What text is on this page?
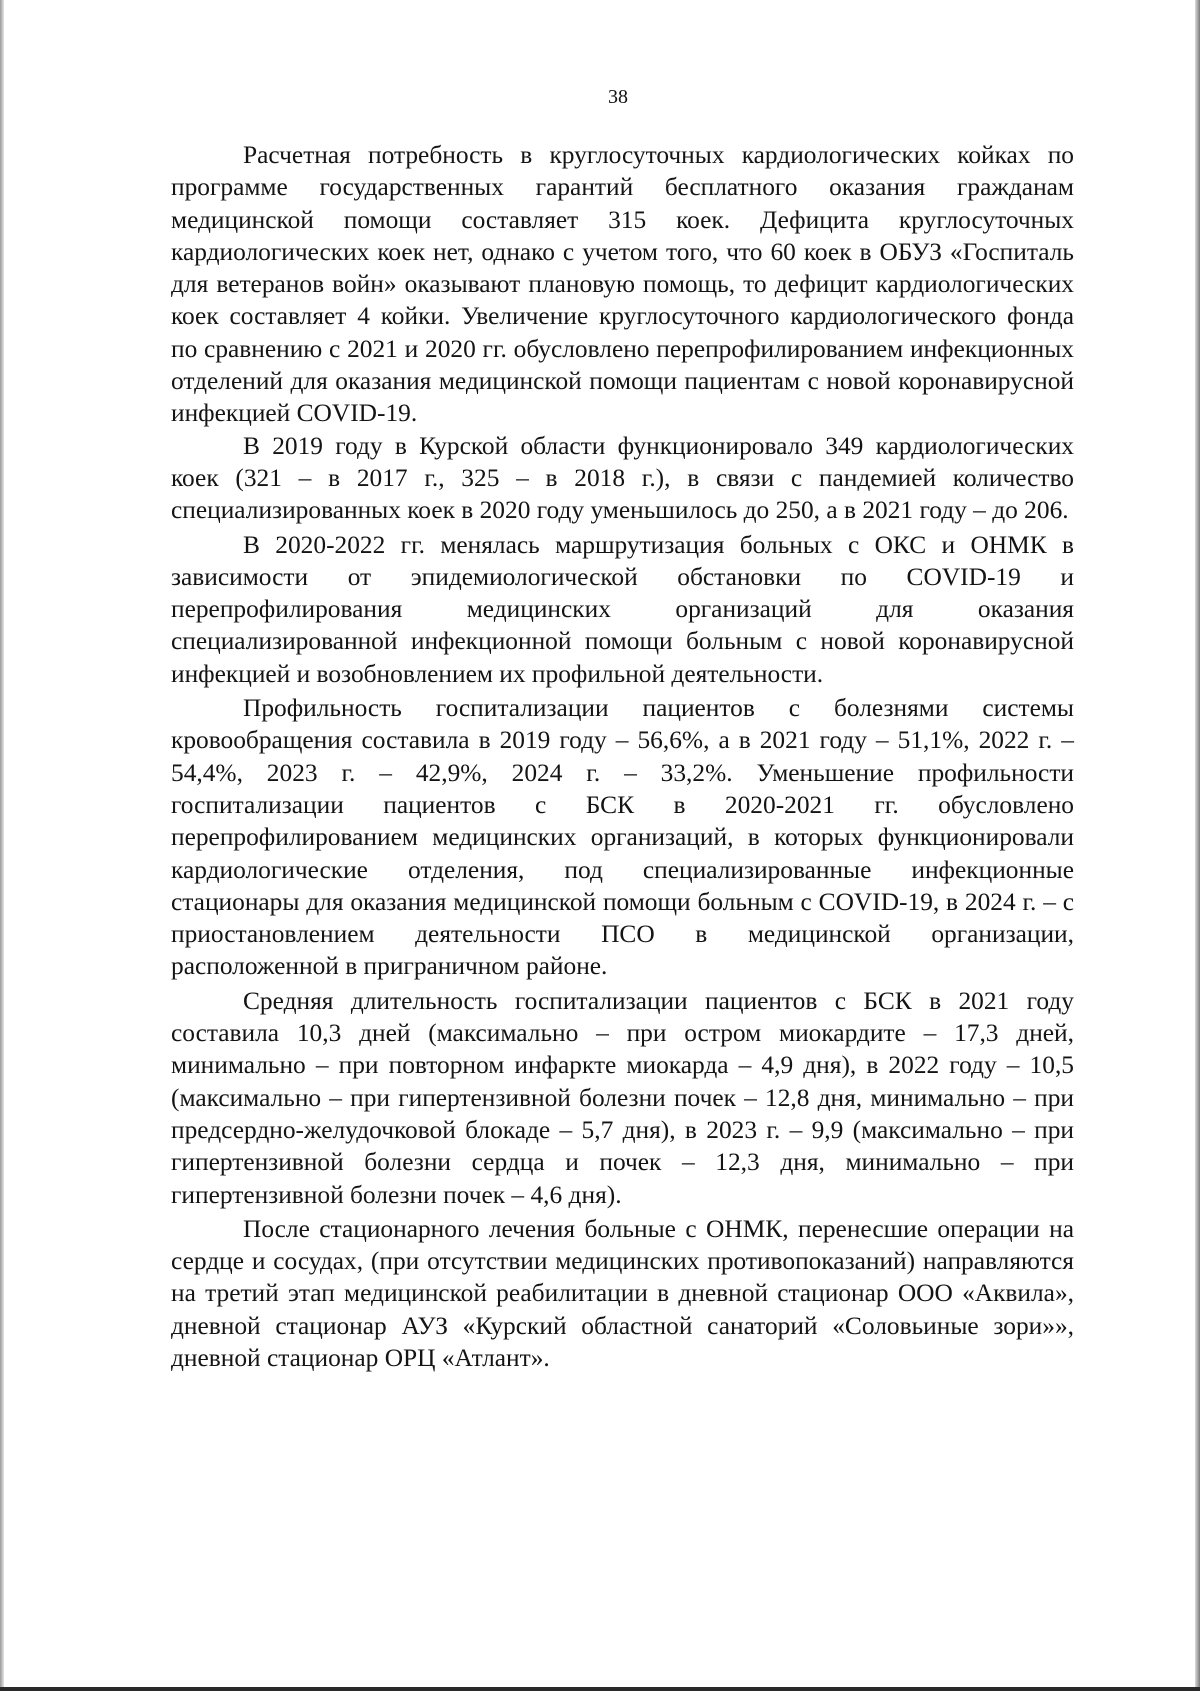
38

Расчетная потребность в круглосуточных кардиологических койках по программе государственных гарантий бесплатного оказания гражданам медицинской помощи составляет 315 коек. Дефицита круглосуточных кардиологических коек нет, однако с учетом того, что 60 коек в ОБУЗ «Госпиталь для ветеранов войн» оказывают плановую помощь, то дефицит кардиологических коек составляет 4 койки. Увеличение круглосуточного кардиологического фонда по сравнению с 2021 и 2020 гг. обусловлено перепрофилированием инфекционных отделений для оказания медицинской помощи пациентам с новой коронавирусной инфекцией COVID-19.

В 2019 году в Курской области функционировало 349 кардиологических коек (321 – в 2017 г., 325 – в 2018 г.), в связи с пандемией количество специализированных коек в 2020 году уменьшилось до 250, а в 2021 году – до 206.

В 2020-2022 гг. менялась маршрутизация больных с ОКС и ОНМК в зависимости от эпидемиологической обстановки по COVID-19 и перепрофилирования медицинских организаций для оказания специализированной инфекционной помощи больным с новой коронавирусной инфекцией и возобновлением их профильной деятельности.

Профильность госпитализации пациентов с болезнями системы кровообращения составила в 2019 году – 56,6%, а в 2021 году – 51,1%, 2022 г. – 54,4%, 2023 г. – 42,9%, 2024 г. – 33,2%. Уменьшение профильности госпитализации пациентов с БСК в 2020-2021 гг. обусловлено перепрофилированием медицинских организаций, в которых функционировали кардиологические отделения, под специализированные инфекционные стационары для оказания медицинской помощи больным с COVID-19, в 2024 г. – с приостановлением деятельности ПСО в медицинской организации, расположенной в приграничном районе.

Средняя длительность госпитализации пациентов с БСК в 2021 году составила 10,3 дней (максимально – при остром миокардите – 17,3 дней, минимально – при повторном инфаркте миокарда – 4,9 дня), в 2022 году – 10,5 (максимально – при гипертензивной болезни почек – 12,8 дня, минимально – при предсердно-желудочковой блокаде – 5,7 дня), в 2023 г. – 9,9 (максимально – при гипертензивной болезни сердца и почек – 12,3 дня, минимально – при гипертензивной болезни почек – 4,6 дня).

После стационарного лечения больные с ОНМК, перенесшие операции на сердце и сосудах, (при отсутствии медицинских противопоказаний) направляются на третий этап медицинской реабилитации в дневной стационар ООО «Аквила», дневной стационар АУЗ «Курский областной санаторий «Соловьиные зори»», дневной стационар ОРЦ «Атлант».
